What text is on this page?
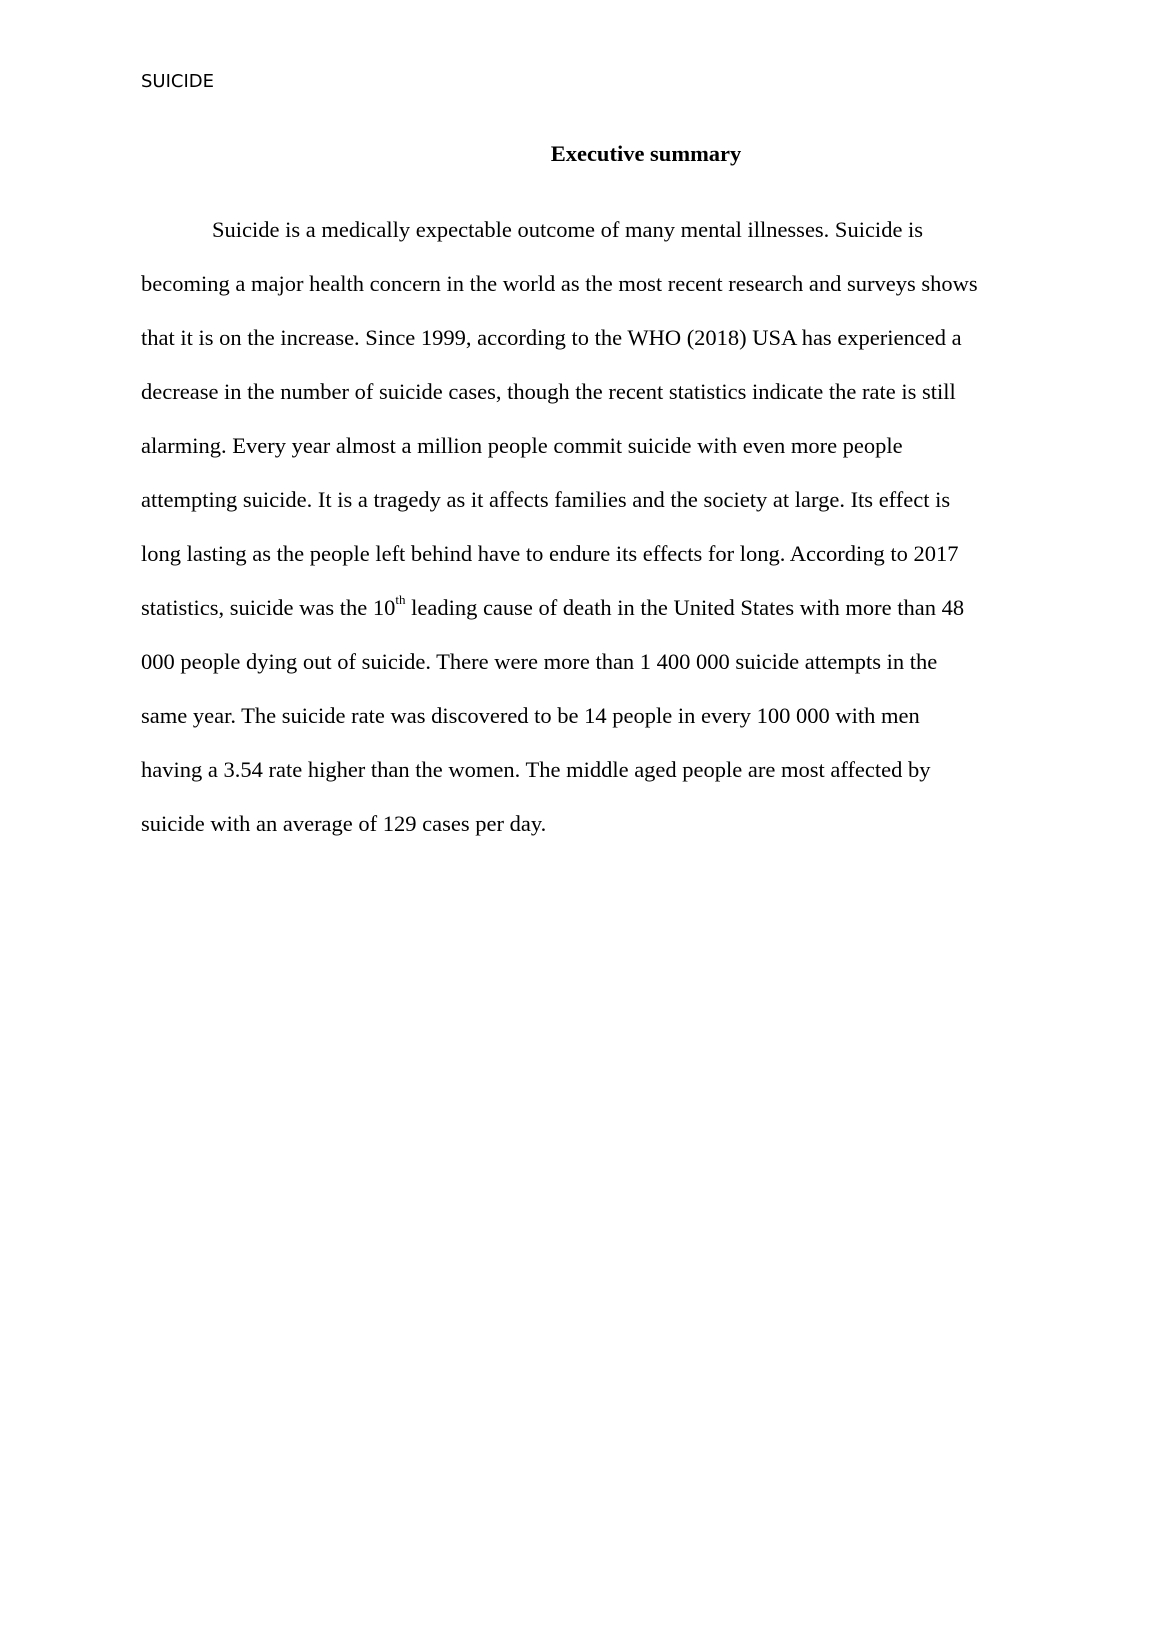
SUICIDE
Executive summary
Suicide is a medically expectable outcome of many mental illnesses. Suicide is
becoming a major health concern in the world as the most recent research and surveys shows
that it is on the increase. Since 1999, according to the WHO (2018) USA has experienced a
decrease in the number of suicide cases, though the recent statistics indicate the rate is still
alarming. Every year almost a million people commit suicide with even more people
attempting suicide. It is a tragedy as it affects families and the society at large. Its effect is
long lasting as the people left behind have to endure its effects for long. According to 2017
statistics, suicide was the 10th leading cause of death in the United States with more than 48
000 people dying out of suicide. There were more than 1 400 000 suicide attempts in the
same year. The suicide rate was discovered to be 14 people in every 100 000 with men
having a 3.54 rate higher than the women. The middle aged people are most affected by
suicide with an average of 129 cases per day.
